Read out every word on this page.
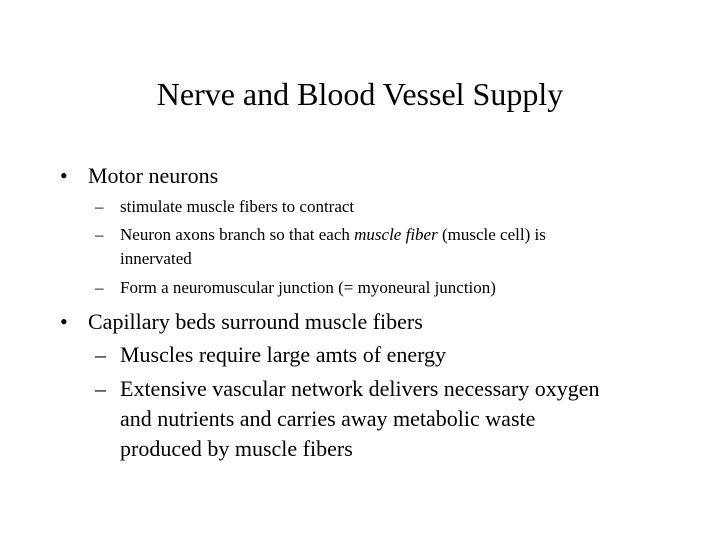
Nerve and Blood Vessel Supply
• Motor neurons
– stimulate muscle fibers to contract
– Neuron axons branch so that each muscle fiber (muscle cell) is
innervated
– Form a neuromuscular junction (= myoneural junction)
• Capillary beds surround muscle fibers
– Muscles require large amts of energy
– Extensive vascular network delivers necessary oxygen
and nutrients and carries away metabolic waste
produced by muscle fibers
